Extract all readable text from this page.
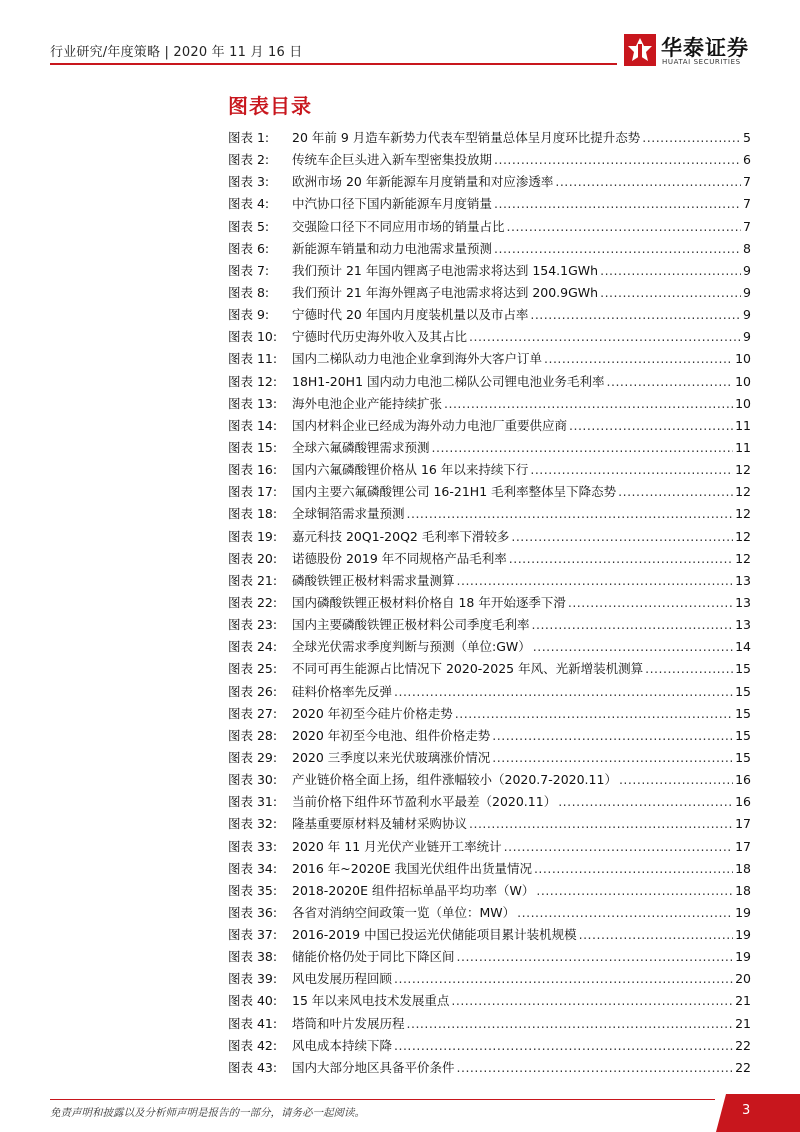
行业研究/年度策略 | 2020 年 11 月 16 日	华泰证券
HUATAI SECURITIES
图表目录
图表 1:	20 年前 9 月造车新势力代表车型销量总体呈月度环比提升态势 .....	5
图表 2:	传统车企巨头进入新车型密集投放期 .....	6
图表 3:	欧洲市场 20 年新能源车月度销量和对应渗透率 .....	7
图表 4:	中汽协口径下国内新能源车月度销量 .....	7
图表 5:	交强险口径下不同应用市场的销量占比 .....	7
图表 6:	新能源车销量和动力电池需求量预测 .....	8
图表 7:	我们预计 21 年国内锂离子电池需求将达到 154.1GWh .....	9
图表 8:	我们预计 21 年海外锂离子电池需求将达到 200.9GWh .....	9
图表 9:	宁德时代 20 年国内月度装机量以及市占率 .....	9
图表 10:	宁德时代历史海外收入及其占比 .....	9
图表 11:	国内二梯队动力电池企业拿到海外大客户订单 .....	10
图表 12:	18H1-20H1 国内动力电池二梯队公司锂电池业务毛利率 .....	10
图表 13:	海外电池企业产能持续扩张 .....	10
图表 14:	国内材料企业已经成为海外动力电池厂重要供应商 .....	11
图表 15:	全球六氟磷酸锂需求预测 .....	11
图表 16:	国内六氟磷酸锂价格从 16 年以来持续下行 .....	12
图表 17:	国内主要六氟磷酸锂公司 16-21H1 毛利率整体呈下降态势 .....	12
图表 18:	全球铜箔需求量预测 .....	12
图表 19:	嘉元科技 20Q1-20Q2 毛利率下滑较多 .....	12
图表 20:	诺德股份 2019 年不同规格产品毛利率 .....	12
图表 21:	磷酸铁锂正极材料需求量测算 .....	13
图表 22:	国内磷酸铁锂正极材料价格自 18 年开始逐季下滑 .....	13
图表 23:	国内主要磷酸铁锂正极材料公司季度毛利率 .....	13
图表 24:	全球光伏需求季度判断与预测（单位:GW） .....	14
图表 25:	不同可再生能源占比情况下 2020-2025 年风、光新增装机测算 .....	15
图表 26:	硅料价格率先反弹 .....	15
图表 27:	2020 年初至今硅片价格走势 .....	15
图表 28:	2020 年初至今电池、组件价格走势 .....	15
图表 29:	2020 三季度以来光伏玻璃涨价情况 .....	15
图表 30:	产业链价格全面上扬，组件涨幅较小（2020.7-2020.11） .....	16
图表 31:	当前价格下组件环节盈利水平最差（2020.11） .....	16
图表 32:	隆基重要原材料及辅材采购协议 .....	17
图表 33:	2020 年 11 月光伏产业链开工率统计 .....	17
图表 34:	2016 年~2020E 我国光伏组件出货量情况 .....	18
图表 35:	2018-2020E 组件招标单晶平均功率（W） .....	18
图表 36:	各省对消纳空间政策一览（单位：MW） .....	19
图表 37:	2016-2019 中国已投运光伏储能项目累计装机规模 .....	19
图表 38:	储能价格仍处于同比下降区间 .....	19
图表 39:	风电发展历程回顾 .....	20
图表 40:	15 年以来风电技术发展重点 .....	21
图表 41:	塔筒和叶片发展历程 .....	21
图表 42:	风电成本持续下降 .....	22
图表 43:	国内大部分地区具备平价条件 .....	22
免责声明和披露以及分析师声明是报告的一部分，请务必一起阅读。	3
